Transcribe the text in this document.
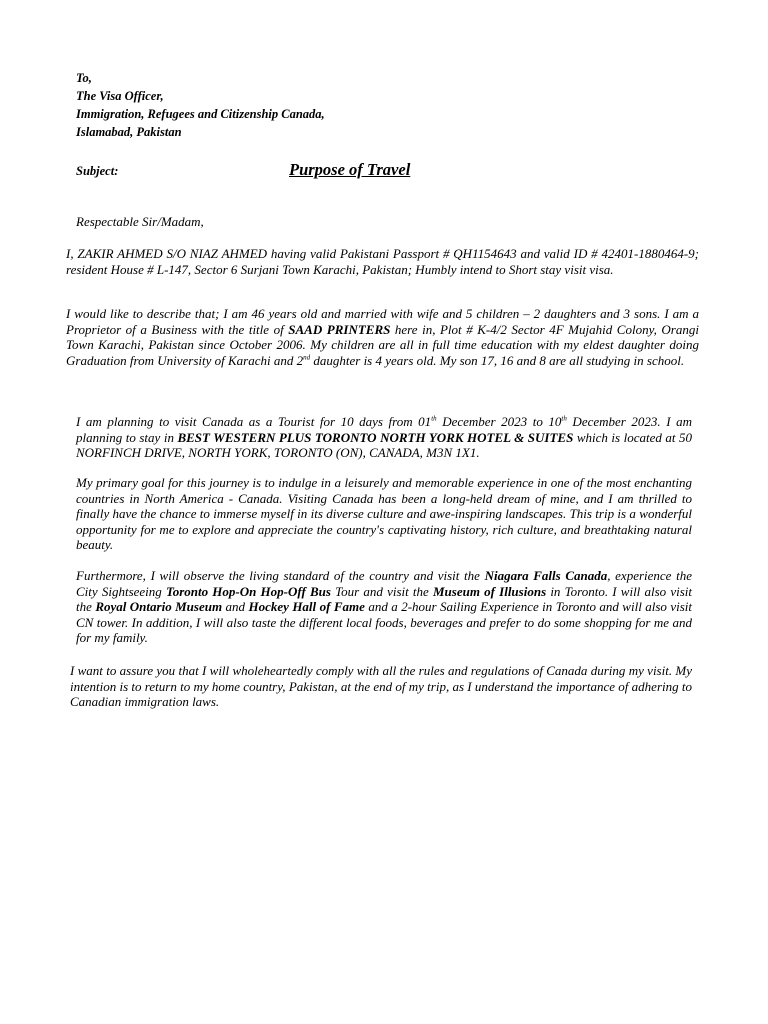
To,
The Visa Officer,
Immigration, Refugees and Citizenship Canada,
Islamabad, Pakistan
Subject:	Purpose of Travel
Respectable Sir/Madam,

I, ZAKIR AHMED S/O NIAZ AHMED having valid Pakistani Passport # QH1154643 and valid ID # 42401-1880464-9; resident House # L-147, Sector 6 Surjani Town Karachi, Pakistan; Humbly intend to Short stay visit visa.

I would like to describe that; I am 46 years old and married with wife and 5 children – 2 daughters and 3 sons. I am a Proprietor of a Business with the title of SAAD PRINTERS here in, Plot # K-4/2 Sector 4F Mujahid Colony, Orangi Town Karachi, Pakistan since October 2006. My children are all in full time education with my eldest daughter doing Graduation from University of Karachi and 2nd daughter is 4 years old. My son 17, 16 and 8 are all studying in school.

I am planning to visit Canada as a Tourist for 10 days from 01th December 2023 to 10th December 2023. I am planning to stay in BEST WESTERN PLUS TORONTO NORTH YORK HOTEL & SUITES which is located at 50 NORFINCH DRIVE, NORTH YORK, TORONTO (ON), CANADA, M3N 1X1.

My primary goal for this journey is to indulge in a leisurely and memorable experience in one of the most enchanting countries in North America - Canada. Visiting Canada has been a long-held dream of mine, and I am thrilled to finally have the chance to immerse myself in its diverse culture and awe-inspiring landscapes. This trip is a wonderful opportunity for me to explore and appreciate the country's captivating history, rich culture, and breathtaking natural beauty.

Furthermore, I will observe the living standard of the country and visit the Niagara Falls Canada, experience the City Sightseeing Toronto Hop-On Hop-Off Bus Tour and visit the Museum of Illusions in Toronto. I will also visit the Royal Ontario Museum and Hockey Hall of Fame and a 2-hour Sailing Experience in Toronto and will also visit CN tower. In addition, I will also taste the different local foods, beverages and prefer to do some shopping for me and for my family.

I want to assure you that I will wholeheartedly comply with all the rules and regulations of Canada during my visit. My intention is to return to my home country, Pakistan, at the end of my trip, as I understand the importance of adhering to Canadian immigration laws.
